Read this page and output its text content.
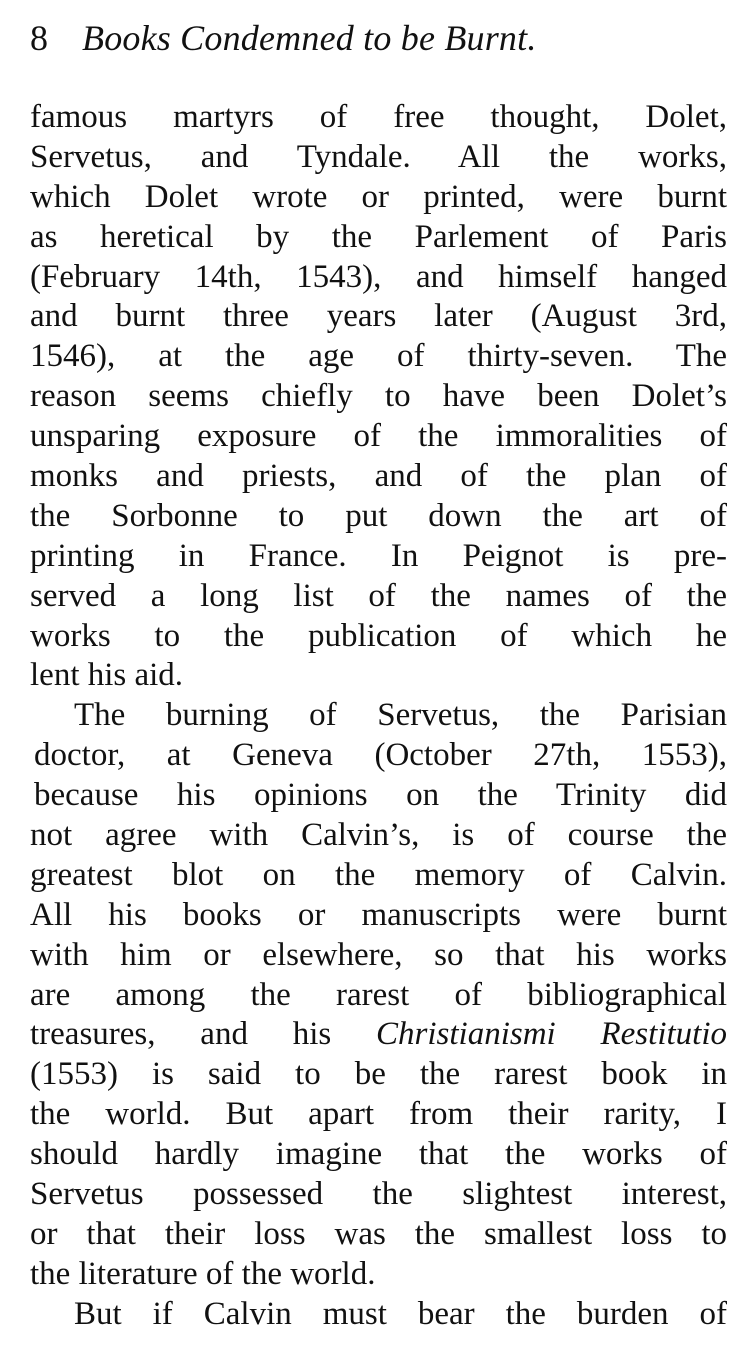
8 Books Condemned to be Burnt.
famous martyrs of free thought, Dolet,
Servetus, and Tyndale. All the works,
which Dolet wrote or printed, were burnt
as heretical by the Parlement of Paris
(February 14th, 1543), and himself hanged
and burnt three years later (August 3rd,
1546), at the age of thirty-seven. The
reason seems chiefly to have been Dolet’s
unsparing exposure of the immoralities of
monks and priests, and of the plan of
the Sorbonne to put down the art of
printing in France. In Peignot is pre-
served a long list of the names of the
works to the publication of which he
lent his aid.
The burning of Servetus, the Parisian
doctor, at Geneva (October 27th, 1553),
because his opinions on the Trinity did
not agree with Calvin’s, is of course the
greatest blot on the memory of Calvin.
All his books or manuscripts were burnt
with him or elsewhere, so that his works
are among the rarest of bibliographical
treasures, and his Christianismi Restitutio
(1553) is said to be the rarest book in
the world. But apart from their rarity, I
should hardly imagine that the works of
Servetus possessed the slightest interest,
or that their loss was the smallest loss to
the literature of the world.
But if Calvin must bear the burden of
